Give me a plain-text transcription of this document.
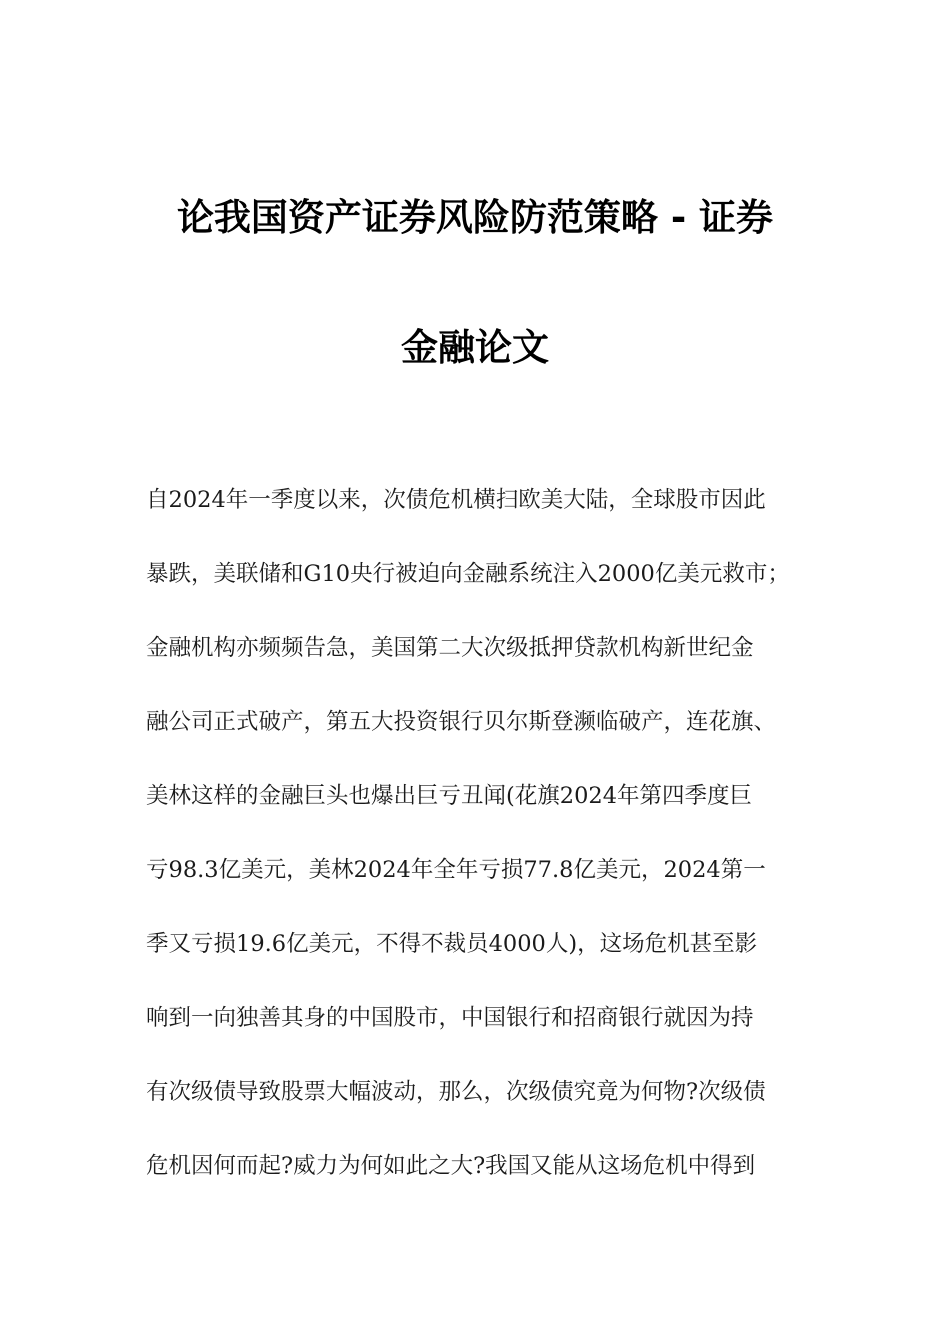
论我国资产证券风险防范策略 - 证券
金融论文
自2024年一季度以来，次债危机横扫欧美大陆，全球股市因此
暴跌，美联储和G10央行被迫向金融系统注入2000亿美元救市；
金融机构亦频频告急，美国第二大次级抵押贷款机构新世纪金
融公司正式破产，第五大投资银行贝尔斯登濒临破产，连花旗、
美林这样的金融巨头也爆出巨亏丑闻(花旗2024年第四季度巨
亏98.3亿美元，美林2024年全年亏损77.8亿美元，2024第一
季又亏损19.6亿美元，不得不裁员4000人)，这场危机甚至影
响到一向独善其身的中国股市，中国银行和招商银行就因为持
有次级债导致股票大幅波动，那么，次级债究竟为何物?次级债
危机因何而起?威力为何如此之大?我国又能从这场危机中得到
